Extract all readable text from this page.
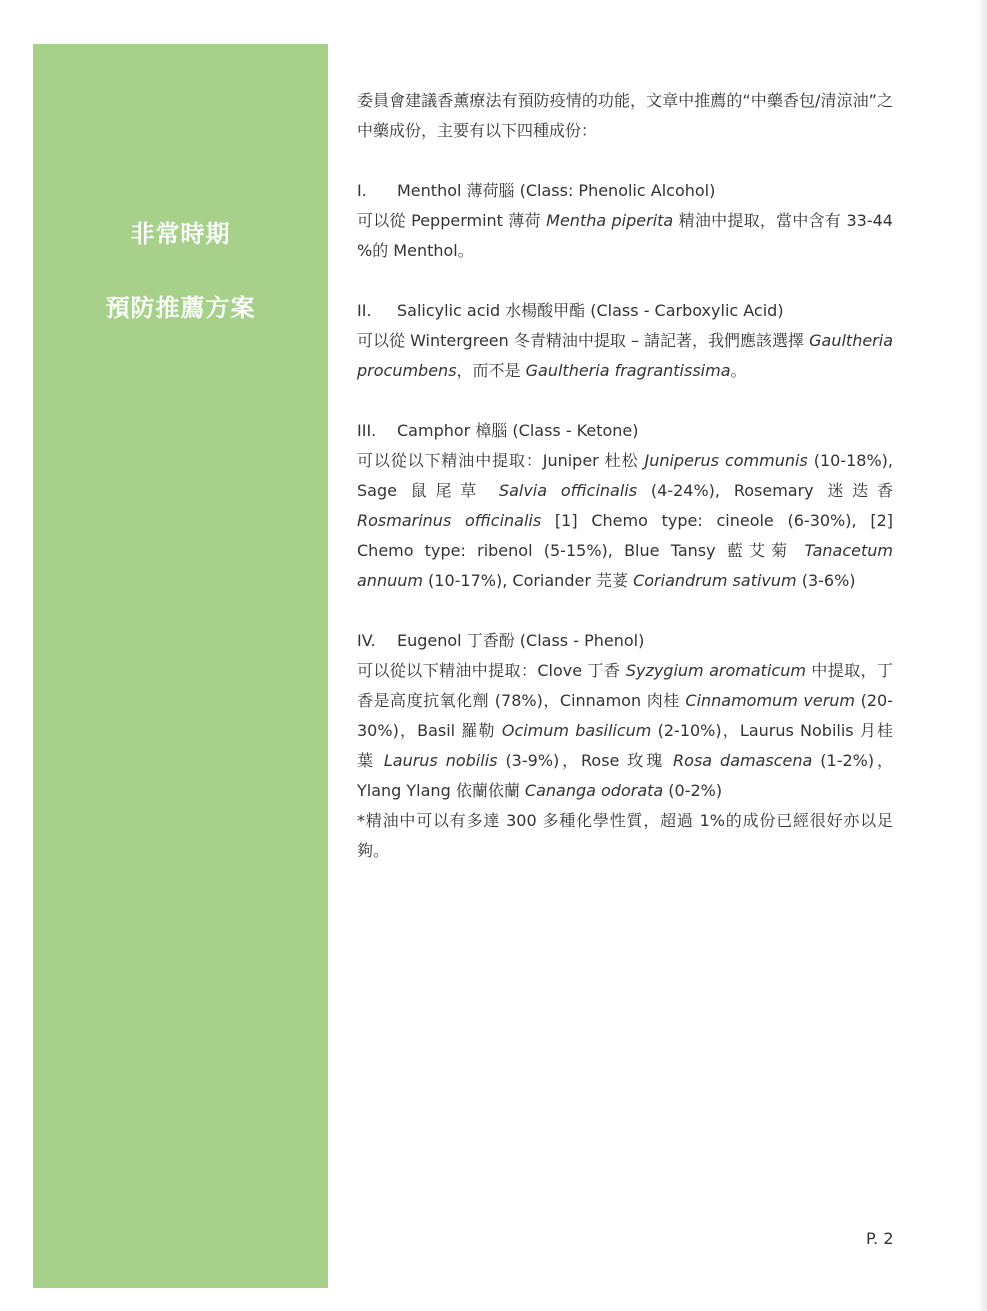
非常時期
預防推薦方案

委員會建議香薰療法有預防疫情的功能，文章中推薦的“中藥香包/清涼油”之中藥成份，主要有以下四種成份：

I. Menthol 薄荷腦 (Class: Phenolic Alcohol)

可以從 Peppermint 薄荷 Mentha piperita 精油中提取，當中含有 33-44 %的 Menthol。

II. Salicylic acid 水楊酸甲酯 (Class - Carboxylic Acid)

可以從 Wintergreen 冬青精油中提取 – 請記著，我們應該選擇 Gaultheria procumbens，而不是 Gaultheria fragrantissima。

III. Camphor 樟腦 (Class - Ketone)

可以從以下精油中提取：Juniper 杜松 Juniperus communis (10-18%), Sage 鼠尾草 Salvia officinalis (4-24%), Rosemary 迷迭香 Rosmarinus officinalis [1] Chemo type: cineole (6-30%), [2] Chemo type: ribenol (5-15%), Blue Tansy 藍艾菊 Tanacetum annuum (10-17%), Coriander 芫荽 Coriandrum sativum (3-6%)

IV. Eugenol 丁香酚 (Class - Phenol)

可以從以下精油中提取：Clove 丁香 Syzygium aromaticum 中提取，丁香是高度抗氧化劑 (78%)，Cinnamon 肉桂 Cinnamomum verum (20-30%)，Basil 羅勒 Ocimum basilicum (2-10%)，Laurus Nobilis 月桂葉 Laurus nobilis (3-9%)，Rose 玫瑰 Rosa damascena (1-2%)，Ylang Ylang 依蘭依蘭 Cananga odorata (0-2%)

*精油中可以有多達 300 多種化學性質，超過 1%的成份已經很好亦以足夠。

P. 2
